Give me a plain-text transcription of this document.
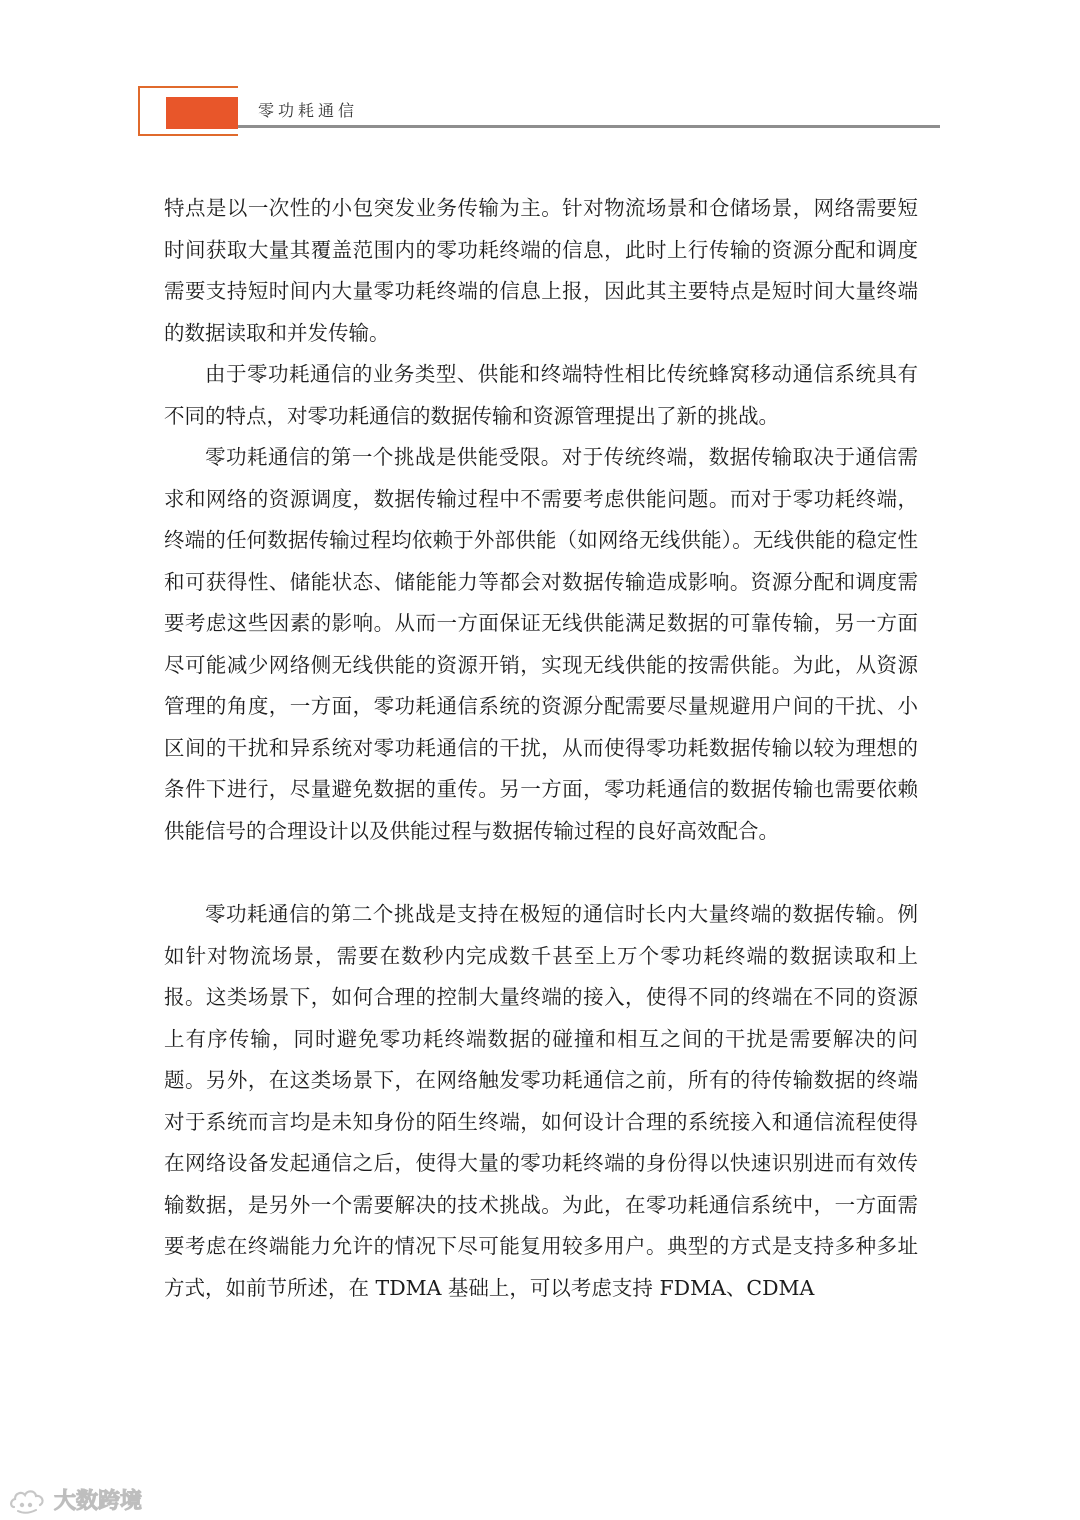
零功耗通信

特点是以一次性的小包突发业务传输为主。针对物流场景和仓储场景，网络需要短时间获取大量其覆盖范围内的零功耗终端的信息，此时上行传输的资源分配和调度需要支持短时间内大量零功耗终端的信息上报，因此其主要特点是短时间大量终端的数据读取和并发传输。

由于零功耗通信的业务类型、供能和终端特性相比传统蜂窝移动通信系统具有不同的特点，对零功耗通信的数据传输和资源管理提出了新的挑战。

零功耗通信的第一个挑战是供能受限。对于传统终端，数据传输取决于通信需求和网络的资源调度，数据传输过程中不需要考虑供能问题。而对于零功耗终端，终端的任何数据传输过程均依赖于外部供能（如网络无线供能）。无线供能的稳定性和可获得性、储能状态、储能能力等都会对数据传输造成影响。资源分配和调度需要考虑这些因素的影响。从而一方面保证无线供能满足数据的可靠传输，另一方面尽可能减少网络侧无线供能的资源开销，实现无线供能的按需供能。为此，从资源管理的角度，一方面，零功耗通信系统的资源分配需要尽量规避用户间的干扰、小区间的干扰和异系统对零功耗通信的干扰，从而使得零功耗数据传输以较为理想的条件下进行，尽量避免数据的重传。另一方面，零功耗通信的数据传输也需要依赖供能信号的合理设计以及供能过程与数据传输过程的良好高效配合。

零功耗通信的第二个挑战是支持在极短的通信时长内大量终端的数据传输。例如针对物流场景，需要在数秒内完成数千甚至上万个零功耗终端的数据读取和上报。这类场景下，如何合理的控制大量终端的接入，使得不同的终端在不同的资源上有序传输，同时避免零功耗终端数据的碰撞和相互之间的干扰是需要解决的问题。另外，在这类场景下，在网络触发零功耗通信之前，所有的待传输数据的终端对于系统而言均是未知身份的陌生终端，如何设计合理的系统接入和通信流程使得在网络设备发起通信之后，使得大量的零功耗终端的身份得以快速识别进而有效传输数据，是另外一个需要解决的技术挑战。为此，在零功耗通信系统中，一方面需要考虑在终端能力允许的情况下尽可能复用较多用户。典型的方式是支持多种多址方式，如前节所述，在 TDMA 基础上，可以考虑支持 FDMA、CDMA

大数跨境
